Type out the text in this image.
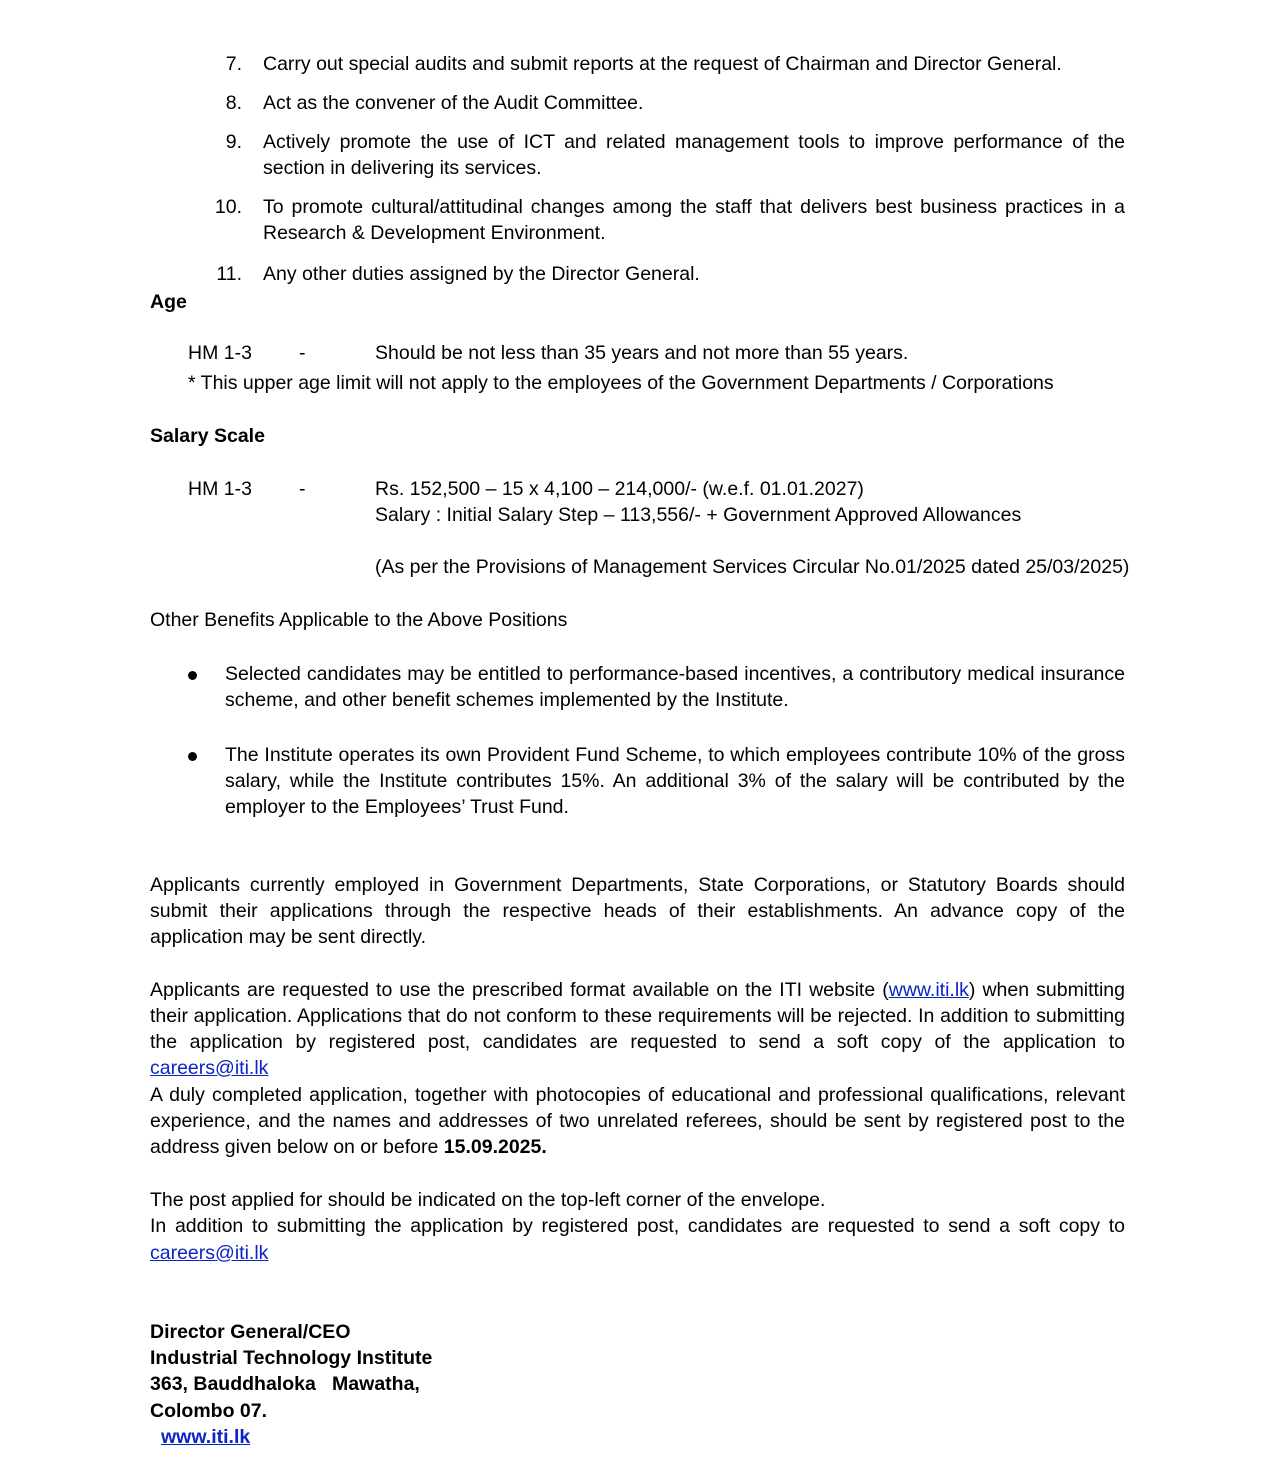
7. Carry out special audits and submit reports at the request of Chairman and Director General.
8. Act as the convener of the Audit Committee.
9. Actively promote the use of ICT and related management tools to improve performance of the section in delivering its services.
10. To promote cultural/attitudinal changes among the staff that delivers best business practices in a Research & Development Environment.
11. Any other duties assigned by the Director General.
Age
HM 1-3 -	Should be not less than 35 years and not more than 55 years.
* This upper age limit will not apply to the employees of the Government Departments / Corporations
Salary Scale
HM 1-3 -	Rs. 152,500 – 15 x 4,100 – 214,000/- (w.e.f. 01.01.2027)
Salary : Initial Salary Step – 113,556/- + Government Approved Allowances
(As per the Provisions of Management Services Circular No.01/2025 dated 25/03/2025)
Other Benefits Applicable to the Above Positions
Selected candidates may be entitled to performance-based incentives, a contributory medical insurance scheme, and other benefit schemes implemented by the Institute.
The Institute operates its own Provident Fund Scheme, to which employees contribute 10% of the gross salary, while the Institute contributes 15%. An additional 3% of the salary will be contributed by the employer to the Employees’ Trust Fund.
Applicants currently employed in Government Departments, State Corporations, or Statutory Boards should submit their applications through the respective heads of their establishments. An advance copy of the application may be sent directly.
Applicants are requested to use the prescribed format available on the ITI website (www.iti.lk) when submitting their application. Applications that do not conform to these requirements will be rejected. In addition to submitting the application by registered post, candidates are requested to send a soft copy of the application to careers@iti.lk
A duly completed application, together with photocopies of educational and professional qualifications, relevant experience, and the names and addresses of two unrelated referees, should be sent by registered post to the address given below on or before 15.09.2025.
The post applied for should be indicated on the top-left corner of the envelope.
In addition to submitting the application by registered post, candidates are requested to send a soft copy to
careers@iti.lk
Director General/CEO
Industrial Technology Institute
363, Bauddhaloka   Mawatha,
Colombo 07.
www.iti.lk
